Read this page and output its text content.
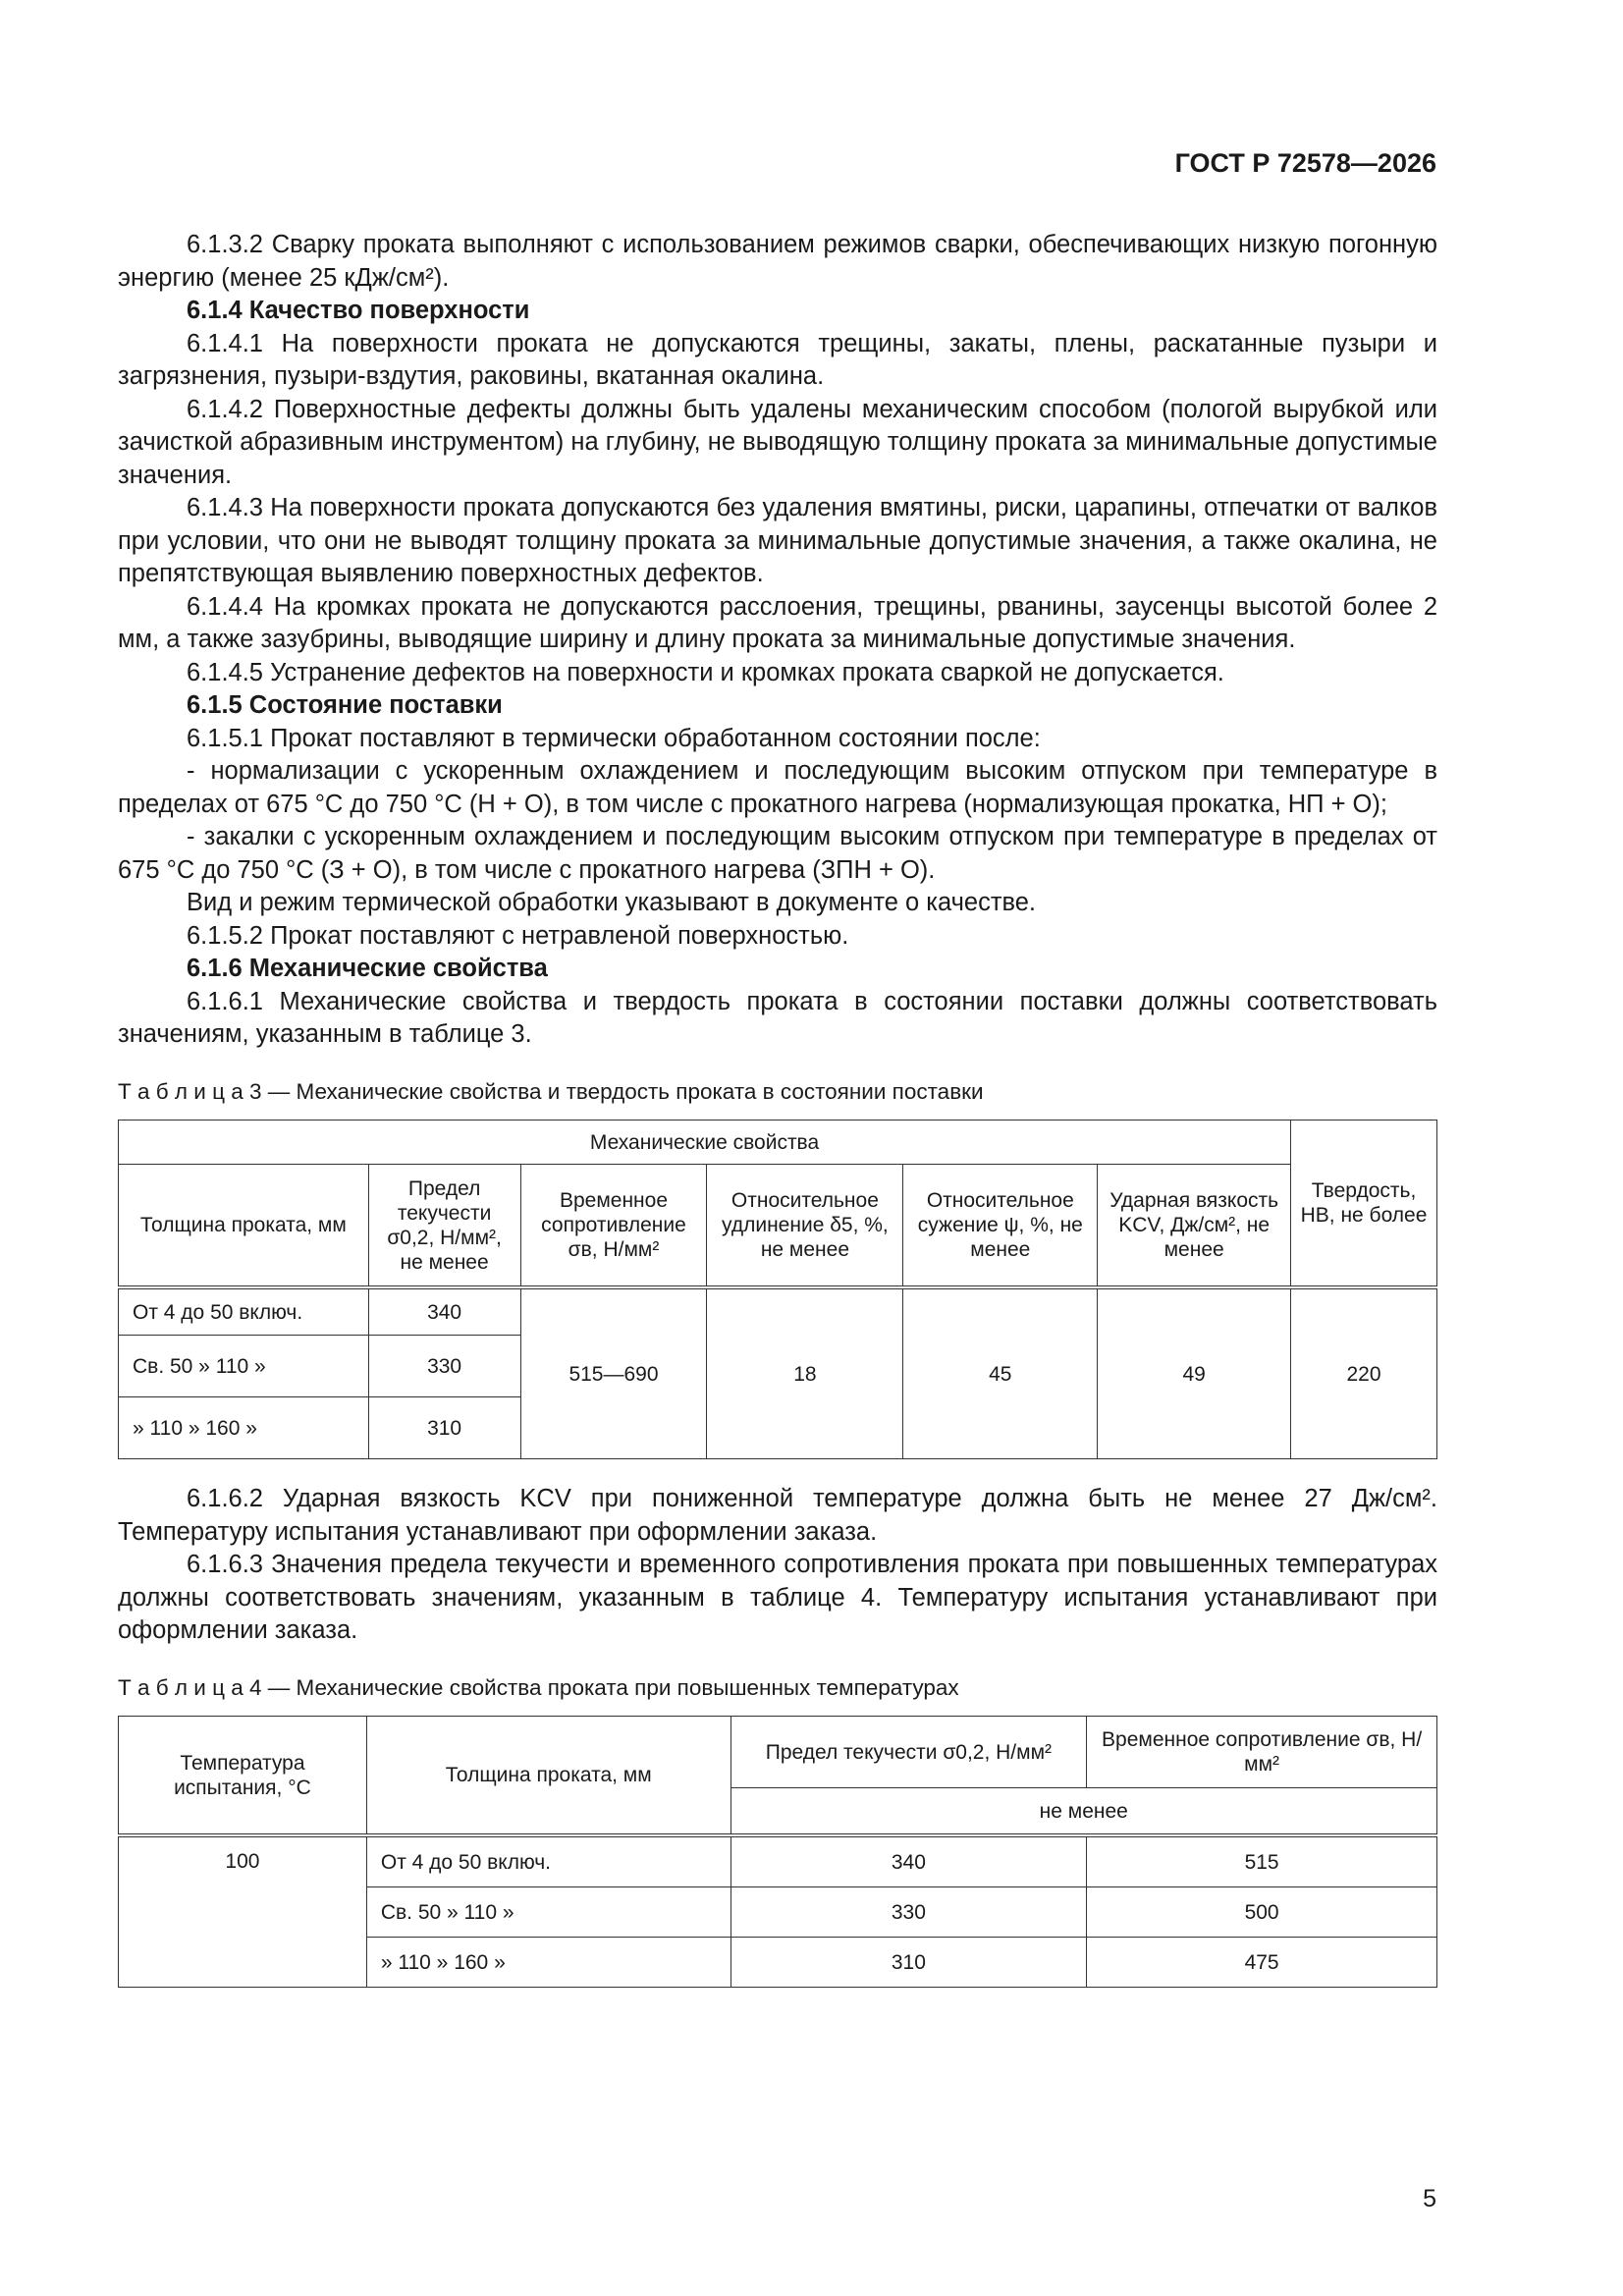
ГОСТ Р 72578—2026

6.1.3.2 Сварку проката выполняют с использованием режимов сварки, обеспечивающих низкую погонную энергию (менее 25 кДж/см²).

6.1.4 Качество поверхности

6.1.4.1 На поверхности проката не допускаются трещины, закаты, плены, раскатанные пузыри и загрязнения, пузыри-вздутия, раковины, вкатанная окалина.

6.1.4.2 Поверхностные дефекты должны быть удалены механическим способом (пологой вырубкой или зачисткой абразивным инструментом) на глубину, не выводящую толщину проката за минимальные допустимые значения.

6.1.4.3 На поверхности проката допускаются без удаления вмятины, риски, царапины, отпечатки от валков при условии, что они не выводят толщину проката за минимальные допустимые значения, а также окалина, не препятствующая выявлению поверхностных дефектов.

6.1.4.4 На кромках проката не допускаются расслоения, трещины, рванины, заусенцы высотой более 2 мм, а также зазубрины, выводящие ширину и длину проката за минимальные допустимые значения.

6.1.4.5 Устранение дефектов на поверхности и кромках проката сваркой не допускается.

6.1.5 Состояние поставки

6.1.5.1 Прокат поставляют в термически обработанном состоянии после:

- нормализации с ускоренным охлаждением и последующим высоким отпуском при температуре в пределах от 675 °С до 750 °С (Н + О), в том числе с прокатного нагрева (нормализующая прокатка, НП + О);

- закалки с ускоренным охлаждением и последующим высоким отпуском при температуре в пределах от 675 °С до 750 °С (З + О), в том числе с прокатного нагрева (ЗПН + О).

Вид и режим термической обработки указывают в документе о качестве.

6.1.5.2 Прокат поставляют с нетравленой поверхностью.

6.1.6 Механические свойства

6.1.6.1 Механические свойства и твердость проката в состоянии поставки должны соответствовать значениям, указанным в таблице 3.

Т а б л и ц а 3 — Механические свойства и твердость проката в состоянии поставки
Механические свойства						Твердость, НВ, не более
Толщина проката, мм	Предел текучести σ0,2, Н/мм², не менее	Временное сопротивление σв, Н/мм²	Относительное удлинение δ5, %, не менее	Относительное сужение ψ, %, не менее	Ударная вязкость KCV, Дж/см², не менее	
От 4 до 50 включ.	340	515—690	18	45	49	220
Св. 50 » 110 »	330					
» 110 » 160 »	310					

6.1.6.2 Ударная вязкость KCV при пониженной температуре должна быть не менее 27 Дж/см². Температуру испытания устанавливают при оформлении заказа.

6.1.6.3 Значения предела текучести и временного сопротивления проката при повышенных температурах должны соответствовать значениям, указанным в таблице 4. Температуру испытания устанавливают при оформлении заказа.

Т а б л и ц а 4 — Механические свойства проката при повышенных температурах
Температура испытания, °С	Толщина проката, мм	Предел текучести σ0,2, Н/мм²	Временное сопротивление σв, Н/мм²
		не менее	
100	От 4 до 50 включ.	340	515
	Св. 50 » 110 »	330	500
	» 110 » 160 »	310	475
5
